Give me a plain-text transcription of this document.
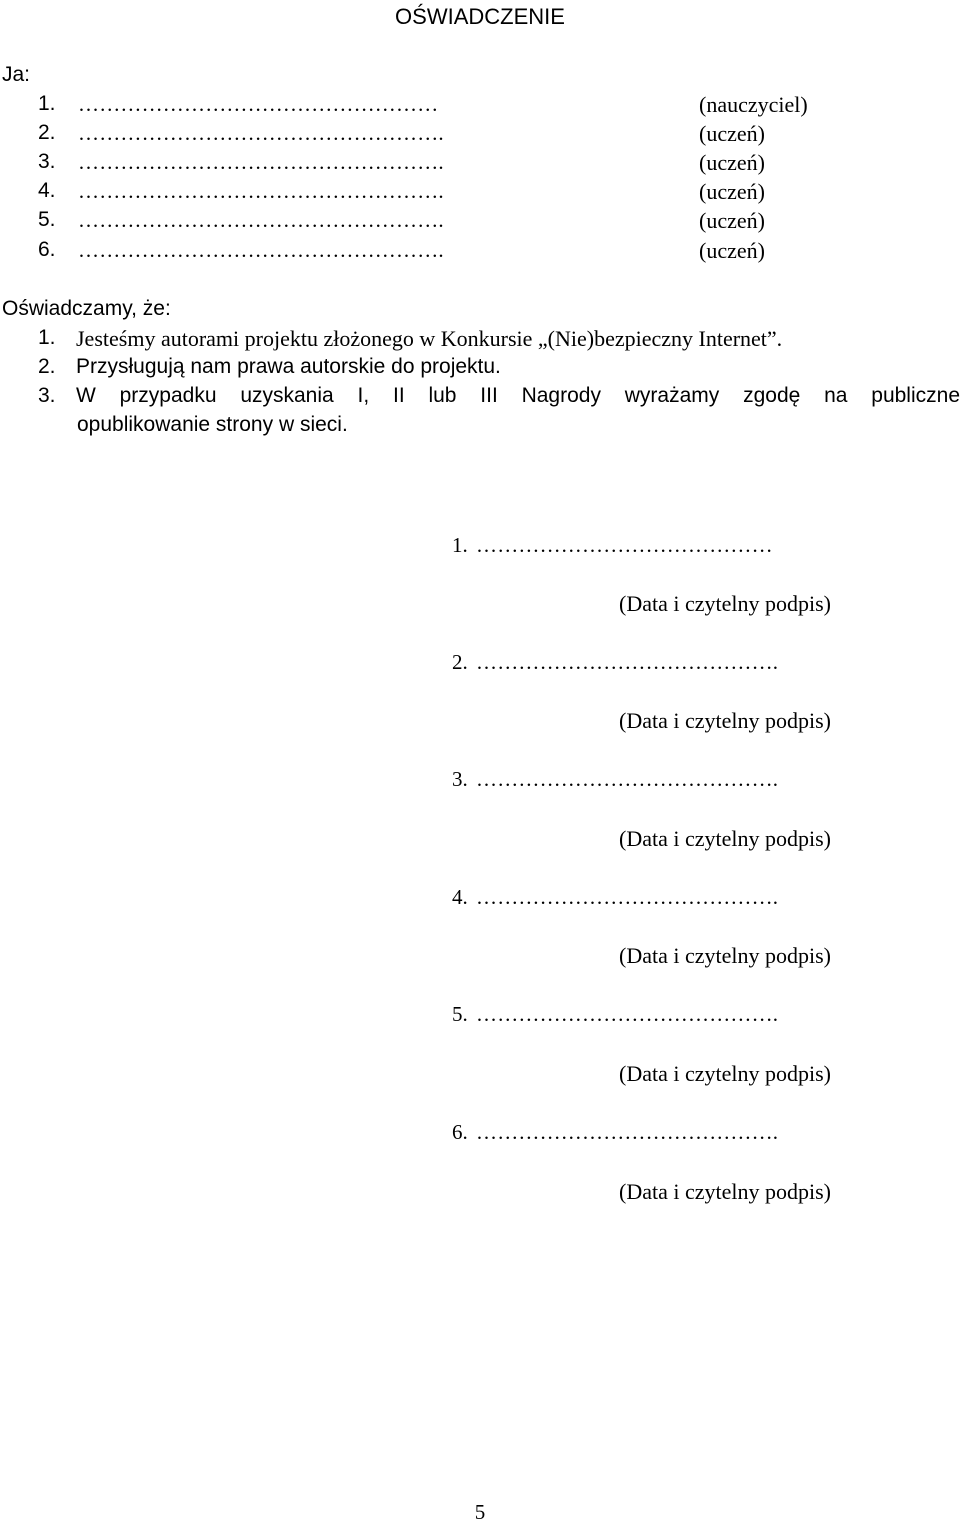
OŚWIADCZENIE
Ja:
1. ……………………………………………	(nauczyciel)
2. …………………………………………….	(uczeń)
3. …………………………………………….	(uczeń)
4. …………………………………………….	(uczeń)
5. …………………………………………….	(uczeń)
6. …………………………………………….	(uczeń)
Oświadczamy, że:
1. Jesteśmy autorami projektu złożonego w Konkursie „(Nie)bezpieczny Internet”.
2. Przysługują nam prawa autorskie do projektu.
3. W przypadku uzyskania I, II lub III Nagrody wyrażamy zgodę na publiczne
opublikowanie strony w sieci.
1. ……………………………………
(Data i czytelny podpis)
2. …………………………………….
(Data i czytelny podpis)
3. …………………………………….
(Data i czytelny podpis)
4. …………………………………….
(Data i czytelny podpis)
5. …………………………………….
(Data i czytelny podpis)
6. …………………………………….
(Data i czytelny podpis)
5
